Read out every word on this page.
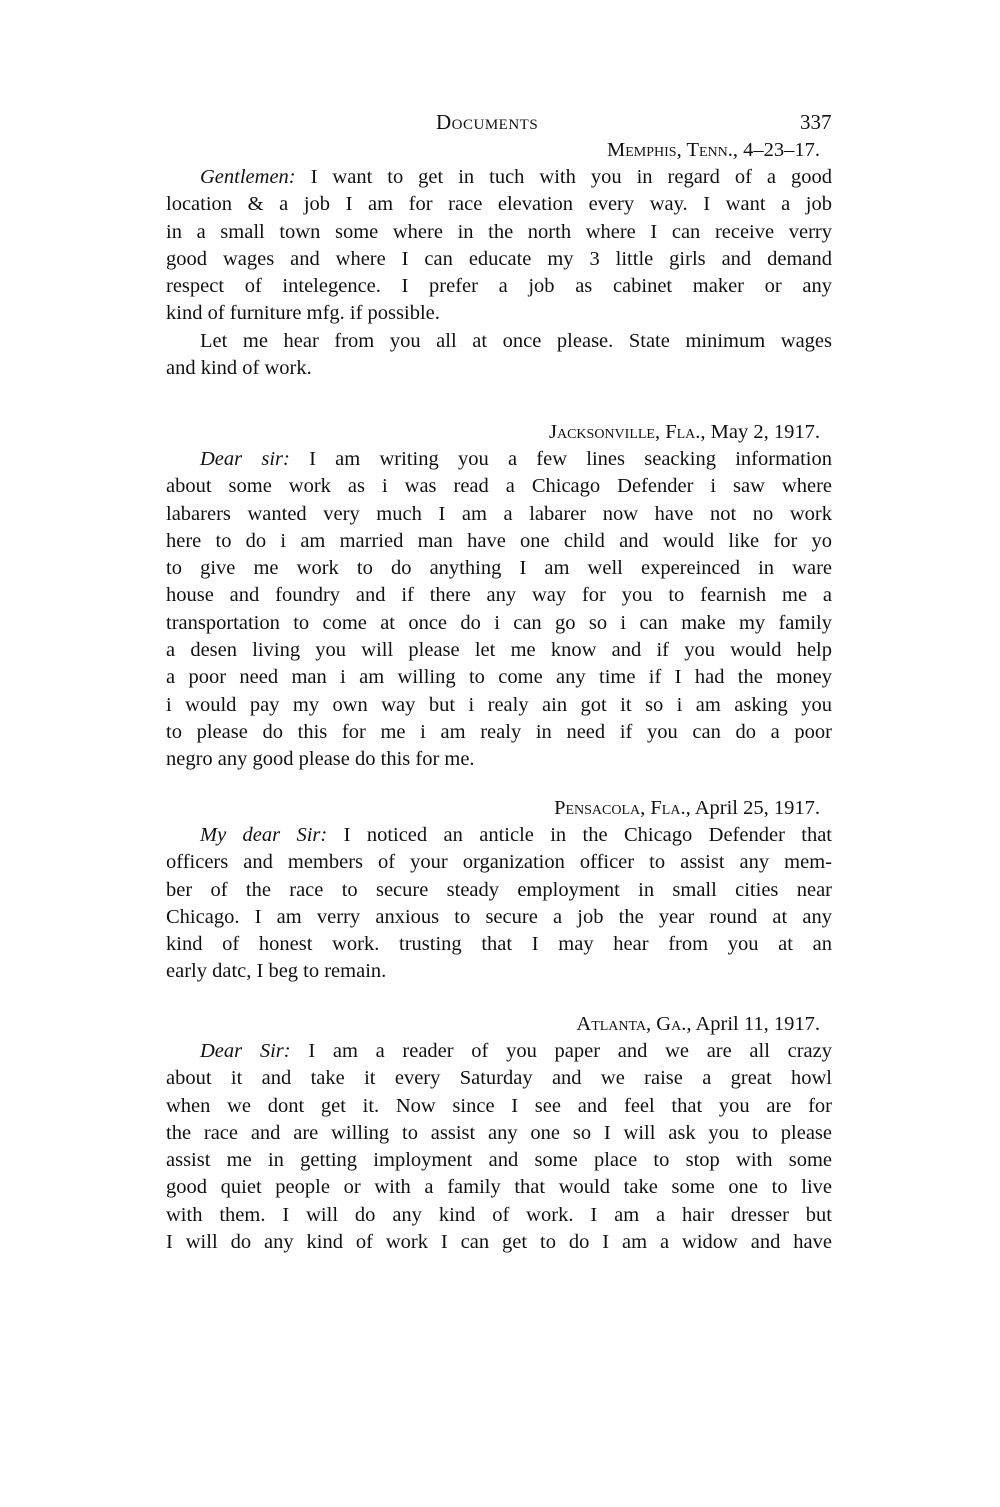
Documents	337
Memphis, Tenn., 4–23–17.
Gentlemen: I want to get in tuch with you in regard of a good
location & a job I am for race elevation every way. I want a job
in a small town some where in the north where I can receive verry
good wages and where I can educate my 3 little girls and demand
respect of intelegence. I prefer a job as cabinet maker or any
kind of furniture mfg. if possible.
Let me hear from you all at once please. State minimum wages
and kind of work.
Jacksonville, Fla., May 2, 1917.
Dear sir: I am writing you a few lines seacking information
about some work as i was read a Chicago Defender i saw where
labarers wanted very much I am a labarer now have not no work
here to do i am married man have one child and would like for yo
to give me work to do anything I am well expereinced in ware
house and foundry and if there any way for you to fearnish me a
transportation to come at once do i can go so i can make my family
a desen living you will please let me know and if you would help
a poor need man i am willing to come any time if I had the money
i would pay my own way but i realy ain got it so i am asking you
to please do this for me i am realy in need if you can do a poor
negro any good please do this for me.
Pensacola, Fla., April 25, 1917.
My dear Sir: I noticed an anticle in the Chicago Defender that
officers and members of your organization officer to assist any mem-
ber of the race to secure steady employment in small cities near
Chicago. I am verry anxious to secure a job the year round at any
kind of honest work. trusting that I may hear from you at an
early datc, I beg to remain.
Atlanta, Ga., April 11, 1917.
Dear Sir: I am a reader of you paper and we are all crazy
about it and take it every Saturday and we raise a great howl
when we dont get it. Now since I see and feel that you are for
the race and are willing to assist any one so I will ask you to please
assist me in getting imployment and some place to stop with some
good quiet people or with a family that would take some one to live
with them. I will do any kind of work. I am a hair dresser but
I will do any kind of work I can get to do I am a widow and have
